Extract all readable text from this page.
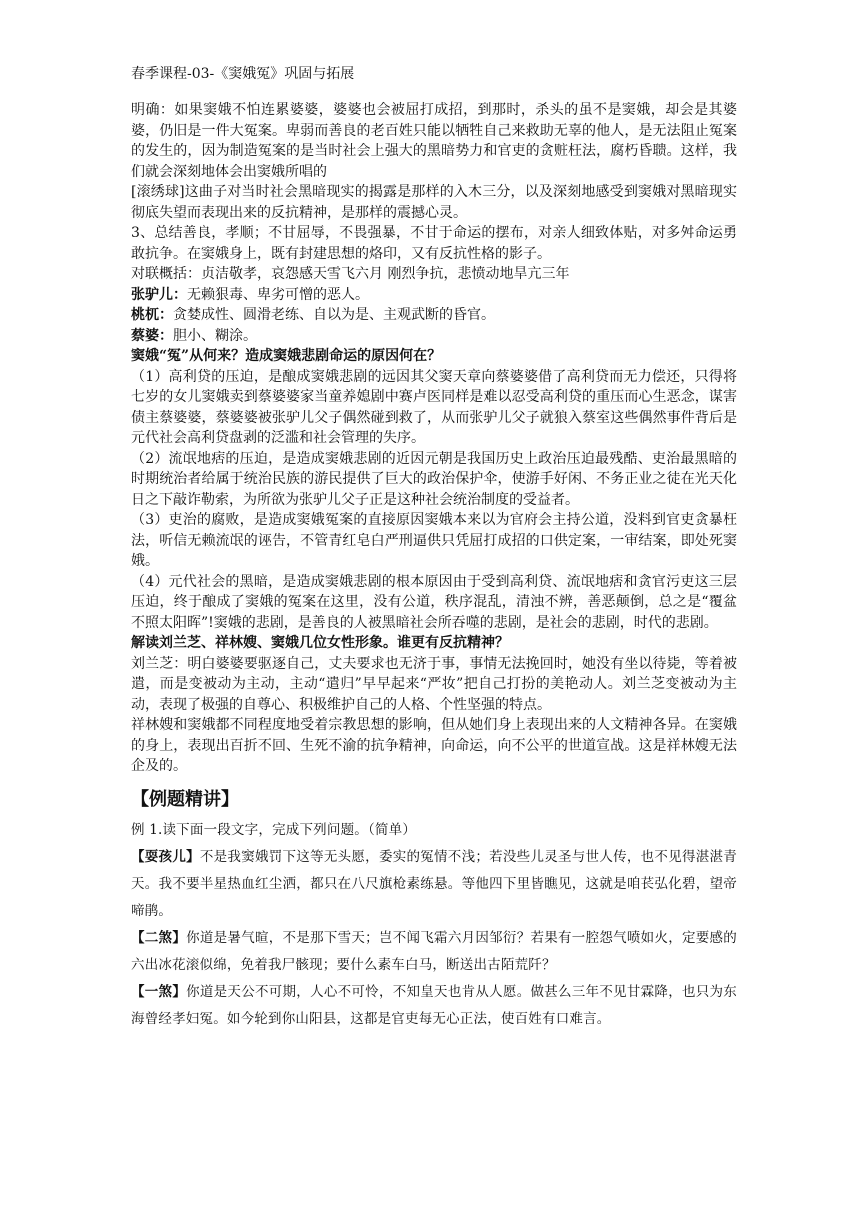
春季课程-03-《窦娥冤》巩固与拓展

明确：如果窦娥不怕连累婆婆，婆婆也会被屈打成招，到那时，杀头的虽不是窦娥，却会是其婆婆，仍旧是一件大冤案。卑弱而善良的老百姓只能以牺牲自己来救助无辜的他人，是无法阻止冤案的发生的，因为制造冤案的是当时社会上强大的黑暗势力和官吏的贪赃枉法，腐朽昏聩。这样，我们就会深刻地体会出窦娥所唱的

[滚绣球]这曲子对当时社会黑暗现实的揭露是那样的入木三分，以及深刻地感受到窦娥对黑暗现实彻底失望而表现出来的反抗精神，是那样的震撼心灵。

3、总结善良，孝顺；不甘屈辱，不畏强暴，不甘于命运的摆布，对亲人细致体贴，对多舛命运勇敢抗争。在窦娥身上，既有封建思想的烙印，又有反抗性格的影子。

对联概括：贞洁敬孝，哀怨感天雪飞六月 刚烈争抗，悲愤动地旱亢三年

张驴儿：无赖狠毒、卑劣可憎的恶人。

桃杌：贪婪成性、圆滑老练、自以为是、主观武断的昏官。

蔡婆：胆小、糊涂。

窦娥“冤”从何来？造成窦娥悲剧命运的原因何在？

（1）高利贷的压迫，是酿成窦娥悲剧的远因其父窦天章向蔡婆婆借了高利贷而无力偿还，只得将七岁的女儿窦娥卖到蔡婆婆家当童养媳剧中赛卢医同样是难以忍受高利贷的重压而心生恶念，谋害债主蔡婆婆，蔡婆婆被张驴儿父子偶然碰到救了，从而张驴儿父子就狼入蔡室这些偶然事件背后是元代社会高利贷盘剥的泛滥和社会管理的失序。

（2）流氓地痞的压迫，是造成窦娥悲剧的近因元朝是我国历史上政治压迫最残酷、吏治最黑暗的时期统治者给属于统治民族的游民提供了巨大的政治保护伞，使游手好闲、不务正业之徒在光天化日之下敲诈勒索，为所欲为张驴儿父子正是这种社会统治制度的受益者。

（3）吏治的腐败，是造成窦娥冤案的直接原因窦娥本来以为官府会主持公道，没料到官吏贪暴枉法，听信无赖流氓的诬告，不管青红皂白严刑逼供只凭屈打成招的口供定案，一审结案，即处死窦娥。

（4）元代社会的黑暗，是造成窦娥悲剧的根本原因由于受到高利贷、流氓地痞和贪官污吏这三层压迫，终于酿成了窦娥的冤案在这里，没有公道，秩序混乱，清浊不辨，善恶颠倒，总之是“覆盆不照太阳晖”!窦娥的悲剧，是善良的人被黑暗社会所吞噬的悲剧，是社会的悲剧，时代的悲剧。

解读刘兰芝、祥林嫂、窦娥几位女性形象。谁更有反抗精神？

刘兰芝：明白婆婆要驱逐自己，丈夫要求也无济于事，事情无法挽回时，她没有坐以待毙，等着被遣，而是变被动为主动，主动“遣归”早早起来“严妆”把自己打扮的美艳动人。刘兰芝变被动为主动，表现了极强的自尊心、积极维护自己的人格、个性坚强的特点。

祥林嫂和窦娥都不同程度地受着宗教思想的影响，但从她们身上表现出来的人文精神各异。在窦娥的身上，表现出百折不回、生死不渝的抗争精神，向命运，向不公平的世道宣战。这是祥林嫂无法企及的。

【例题精讲】

例 1.读下面一段文字，完成下列问题。（简单）

【耍孩儿】不是我窦娥罚下这等无头愿，委实的冤情不浅；若没些儿灵圣与世人传，也不见得湛湛青天。我不要半星热血红尘洒，都只在八尺旗枪素练悬。等他四下里皆瞧见，这就是咱苌弘化碧，望帝啼鹃。

【二煞】你道是暑气暄，不是那下雪天；岂不闻飞霜六月因邹衍？若果有一腔怨气喷如火，定要感的六出冰花滚似绵，免着我尸骸现；要什么素车白马，断送出古陌荒阡？

【一煞】你道是天公不可期，人心不可怜，不知皇天也肯从人愿。做甚么三年不见甘霖降，也只为东海曾经孝妇冤。如今轮到你山阳县，这都是官吏每无心正法，使百姓有口难言。
